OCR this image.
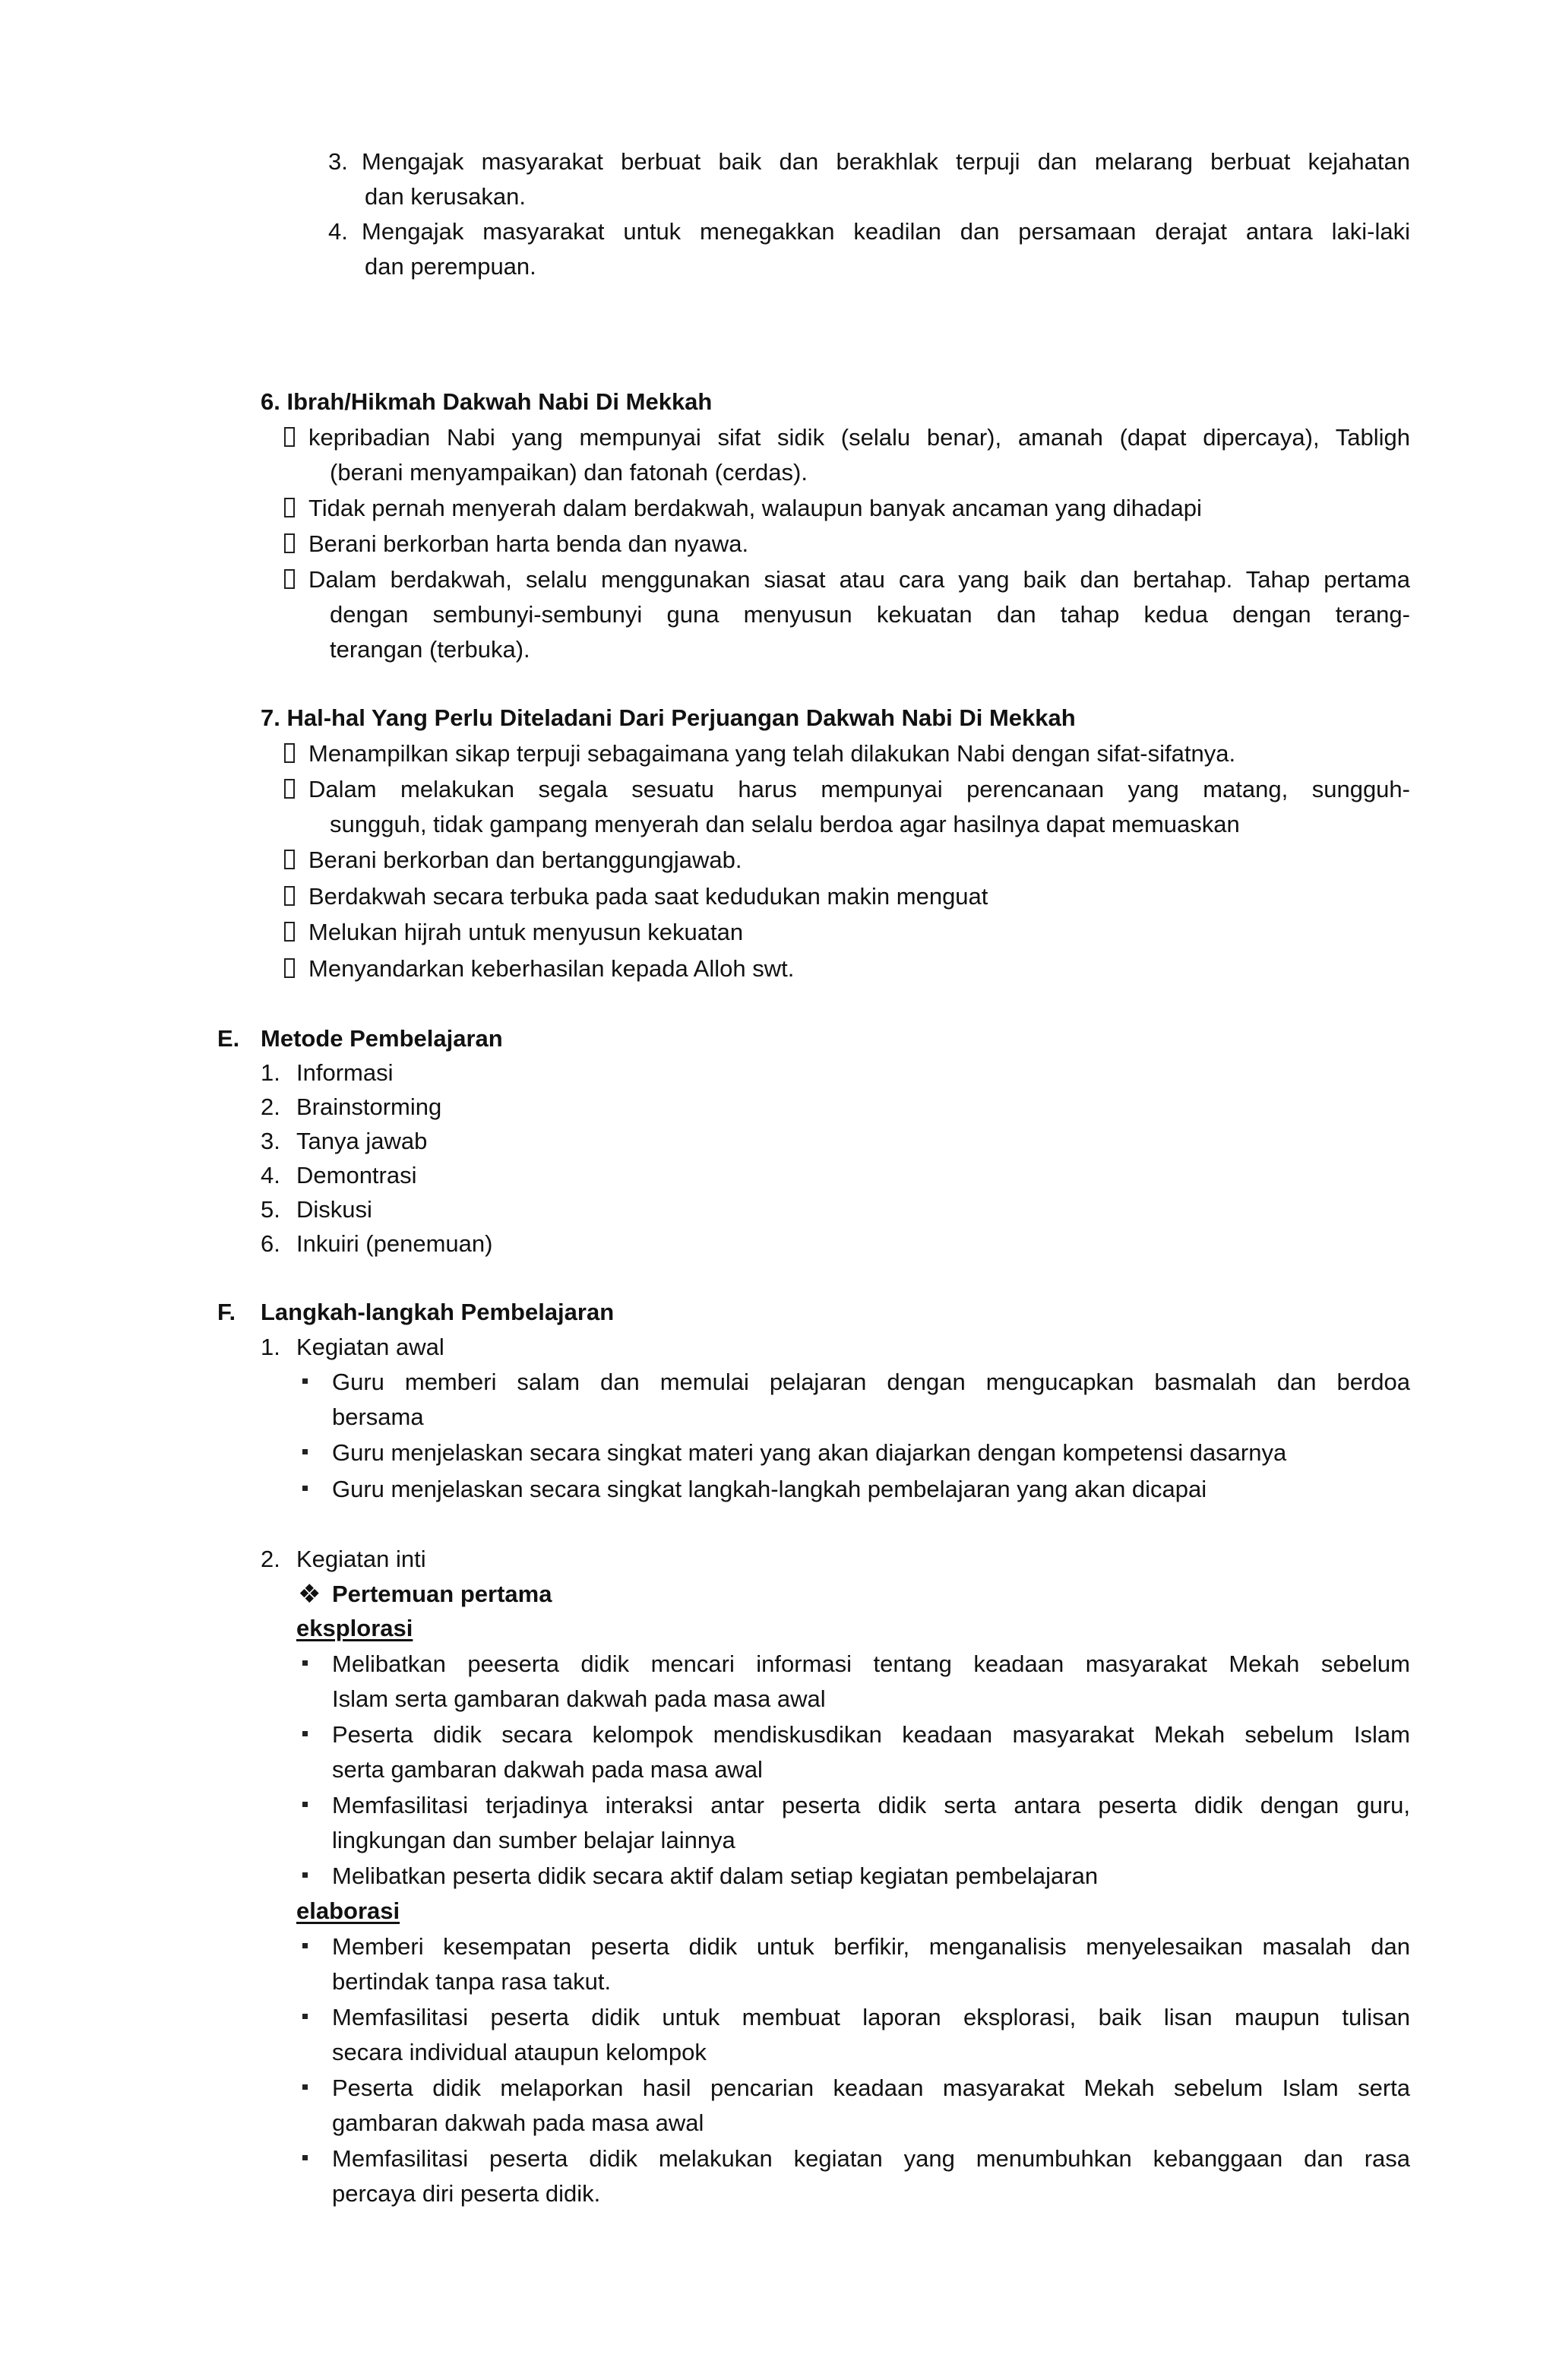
3. Mengajak masyarakat berbuat baik dan berakhlak terpuji dan melarang berbuat kejahatan
dan kerusakan.
4. Mengajak masyarakat untuk menegakkan keadilan dan persamaan derajat antara laki-laki
dan perempuan.
6. Ibrah/Hikmah Dakwah Nabi Di Mekkah
kepribadian Nabi yang mempunyai sifat sidik (selalu benar), amanah (dapat dipercaya), Tabligh
(berani menyampaikan) dan fatonah (cerdas).
Tidak pernah menyerah dalam berdakwah, walaupun banyak ancaman yang dihadapi
Berani berkorban harta benda dan nyawa.
Dalam berdakwah, selalu menggunakan siasat atau cara yang baik dan bertahap. Tahap pertama
dengan sembunyi-sembunyi guna menyusun kekuatan dan tahap kedua dengan terang-
terangan (terbuka).
7. Hal-hal Yang Perlu Diteladani Dari Perjuangan Dakwah Nabi Di Mekkah
Menampilkan sikap terpuji sebagaimana yang telah dilakukan Nabi dengan sifat-sifatnya.
Dalam melakukan segala sesuatu harus mempunyai perencanaan yang matang, sungguh-
sungguh, tidak gampang menyerah dan selalu berdoa agar hasilnya dapat memuaskan
Berani berkorban dan bertanggungjawab.
Berdakwah secara terbuka pada saat kedudukan makin menguat
Melukan hijrah untuk menyusun kekuatan
Menyandarkan keberhasilan kepada Alloh swt.
E. Metode Pembelajaran
1. Informasi
2. Brainstorming
3. Tanya jawab
4. Demontrasi
5. Diskusi
6. Inkuiri (penemuan)
F. Langkah-langkah Pembelajaran
1. Kegiatan awal
Guru memberi salam dan memulai pelajaran dengan mengucapkan basmalah dan berdoa
bersama
Guru menjelaskan secara singkat materi yang akan diajarkan dengan kompetensi dasarnya
Guru menjelaskan secara singkat langkah-langkah pembelajaran yang akan dicapai
2. Kegiatan inti
❖ Pertemuan pertama
eksplorasi
Melibatkan peeserta didik mencari informasi tentang keadaan masyarakat Mekah sebelum
Islam serta gambaran dakwah pada masa awal
Peserta didik secara kelompok mendiskusdikan keadaan masyarakat Mekah sebelum Islam
serta gambaran dakwah pada masa awal
Memfasilitasi terjadinya interaksi antar peserta didik serta antara peserta didik dengan guru,
lingkungan dan sumber belajar lainnya
Melibatkan peserta didik secara aktif dalam setiap kegiatan pembelajaran
elaborasi
Memberi kesempatan peserta didik untuk berfikir, menganalisis menyelesaikan masalah dan
bertindak tanpa rasa takut.
Memfasilitasi peserta didik untuk membuat laporan eksplorasi, baik lisan maupun tulisan
secara individual ataupun kelompok
Peserta didik melaporkan hasil pencarian keadaan masyarakat Mekah sebelum Islam serta
gambaran dakwah pada masa awal
Memfasilitasi peserta didik melakukan kegiatan yang menumbuhkan kebanggaan dan rasa
percaya diri peserta didik.
